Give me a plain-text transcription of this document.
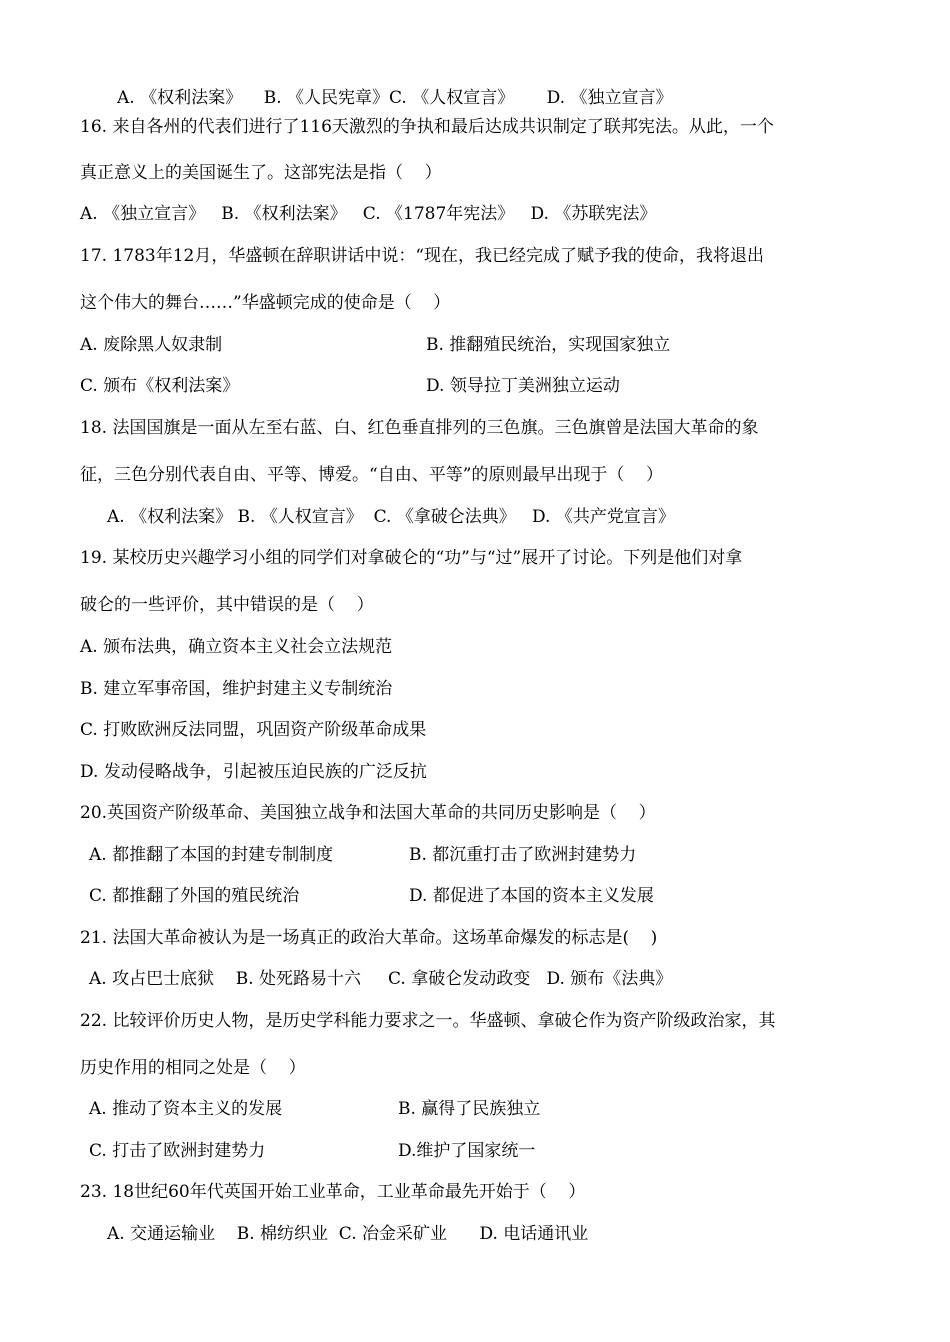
A. 《权利法案》    B. 《人民宪章》C. 《人权宣言》      D. 《独立宣言》
16. 来自各州的代表们进行了116天激烈的争执和最后达成共识制定了联邦宪法。从此，一个
真正意义上的美国诞生了。这部宪法是指（    ）
A. 《独立宣言》   B. 《权利法案》   C. 《1787年宪法》   D. 《苏联宪法》
17. 1783年12月，华盛顿在辞职讲话中说：“现在，我已经完成了赋予我的使命，我将退出
这个伟大的舞台……”华盛顿完成的使命是（    ）
A. 废除黑人奴隶制	B. 推翻殖民统治，实现国家独立
C. 颁布《权利法案》	D. 领导拉丁美洲独立运动
18. 法国国旗是一面从左至右蓝、白、红色垂直排列的三色旗。三色旗曾是法国大革命的象
征，三色分别代表自由、平等、博爱。“自由、平等”的原则最早出现于（    ）
A. 《权利法案》 B. 《人权宣言》  C. 《拿破仑法典》   D. 《共产党宣言》
19. 某校历史兴趣学习小组的同学们对拿破仑的“功”与“过”展开了讨论。下列是他们对拿
破仑的一些评价，其中错误的是（    ）
A. 颁布法典，确立资本主义社会立法规范
B. 建立军事帝国，维护封建主义专制统治
C. 打败欧洲反法同盟，巩固资产阶级革命成果
D. 发动侵略战争，引起被压迫民族的广泛反抗
20.英国资产阶级革命、美国独立战争和法国大革命的共同历史影响是（    ）
A. 都推翻了本国的封建专制制度	B. 都沉重打击了欧洲封建势力
C. 都推翻了外国的殖民统治	D. 都促进了本国的资本主义发展
21. 法国大革命被认为是一场真正的政治大革命。这场革命爆发的标志是(    )
A. 攻占巴士底狱    B. 处死路易十六     C. 拿破仑发动政变   D. 颁布《法典》
22. 比较评价历史人物，是历史学科能力要求之一。华盛顿、拿破仑作为资产阶级政治家，其
历史作用的相同之处是（    ）
A. 推动了资本主义的发展	B. 赢得了民族独立
C. 打击了欧洲封建势力	D.维护了国家统一
23. 18世纪60年代英国开始工业革命，工业革命最先开始于（    ）
A. 交通运输业    B. 棉纺织业  C. 冶金采矿业      D. 电话通讯业
